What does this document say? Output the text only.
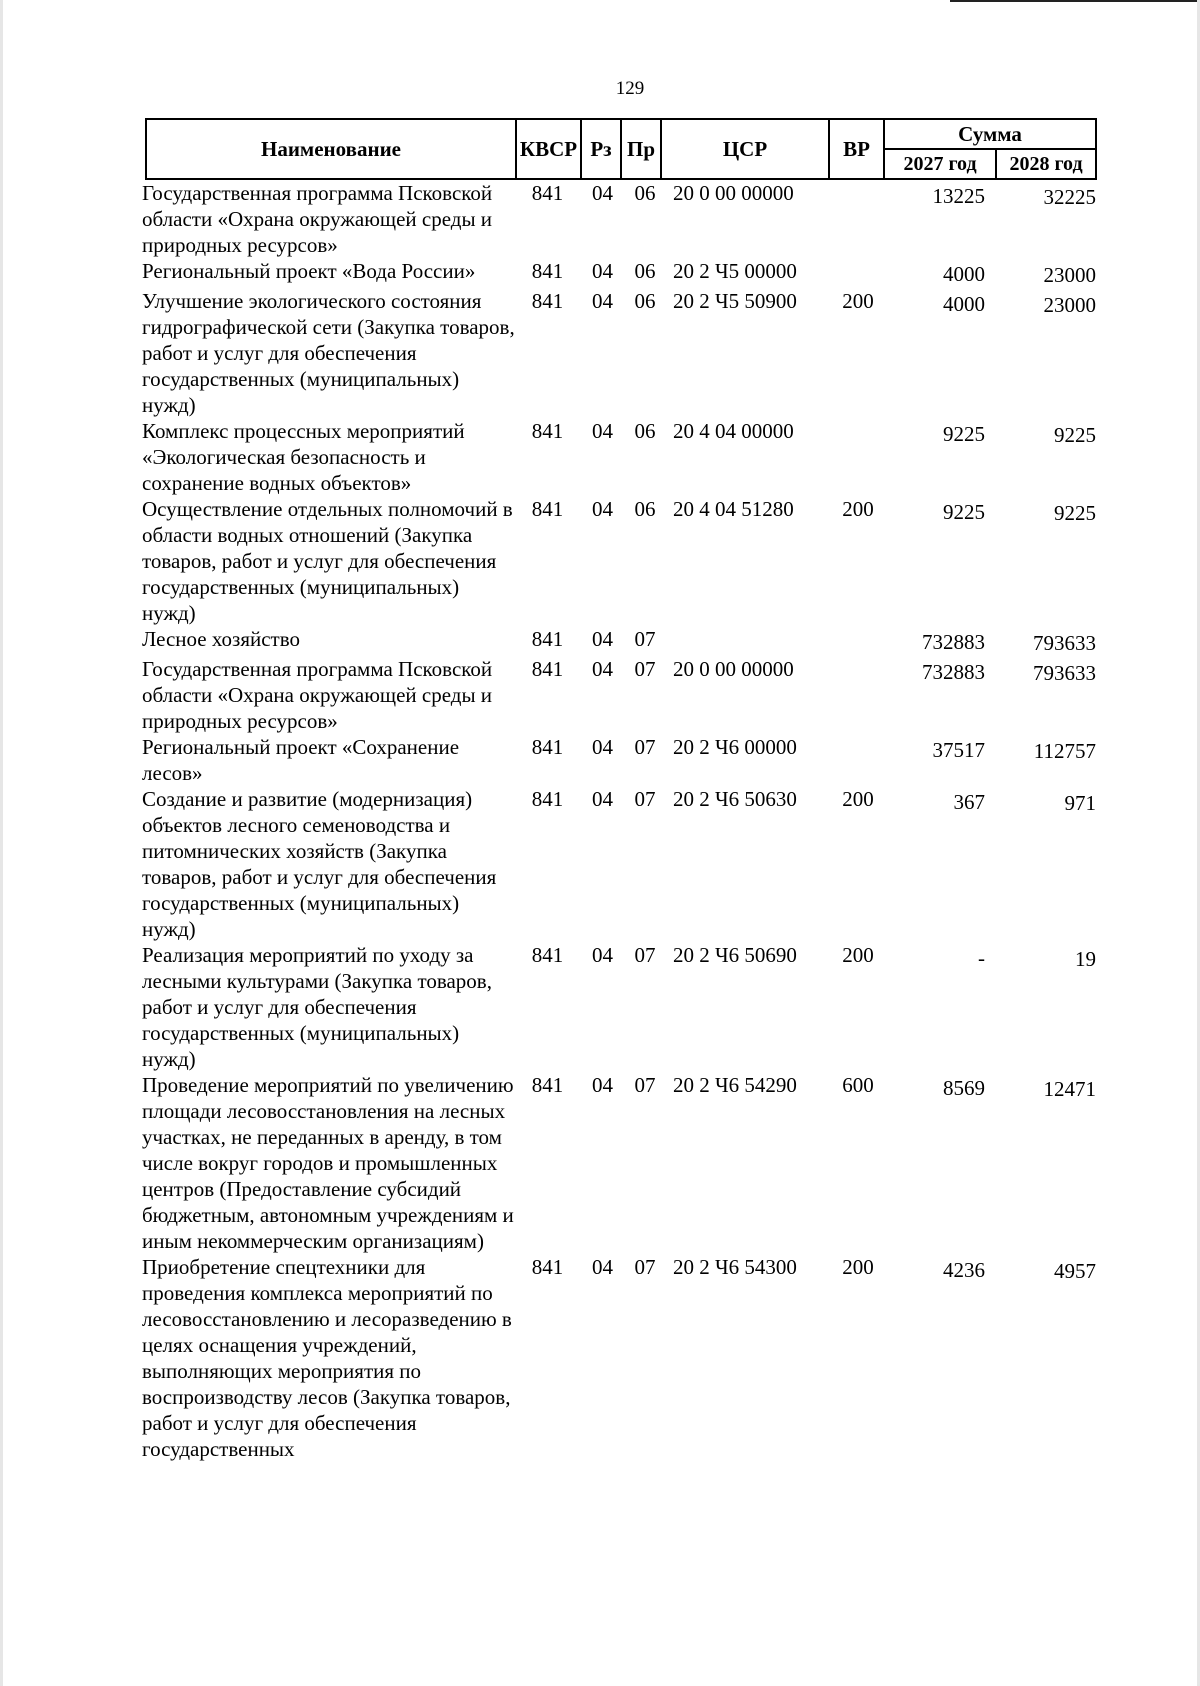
129
Наименование	КВСР	Рз	Пр	ЦСР	ВР	Сумма	
						2027 год	2028 год
Государственная программа Псковской области «Охрана окружающей среды и природных ресурсов»	841	04	06	20 0 00 00000		13225	32225
Региональный проект «Вода России»	841	04	06	20 2 Ч5 00000		4000	23000
Улучшение экологического состояния гидрографической сети (Закупка товаров, работ и услуг для обеспечения государственных (муниципальных) нужд)	841	04	06	20 2 Ч5 50900	200	4000	23000
Комплекс процессных мероприятий «Экологическая безопасность и сохранение водных объектов»	841	04	06	20 4 04 00000		9225	9225
Осуществление отдельных полномочий в области водных отношений (Закупка товаров, работ и услуг для обеспечения государственных (муниципальных) нужд)	841	04	06	20 4 04 51280	200	9225	9225
Лесное хозяйство	841	04	07			732883	793633
Государственная программа Псковской области «Охрана окружающей среды и природных ресурсов»	841	04	07	20 0 00 00000		732883	793633
Региональный проект «Сохранение лесов»	841	04	07	20 2 Ч6 00000		37517	112757
Создание и развитие (модернизация) объектов лесного семеноводства и питомнических хозяйств (Закупка товаров, работ и услуг для обеспечения государственных (муниципальных) нужд)	841	04	07	20 2 Ч6 50630	200	367	971
Реализация мероприятий по уходу за лесными культурами (Закупка товаров, работ и услуг для обеспечения государственных (муниципальных) нужд)	841	04	07	20 2 Ч6 50690	200	-	19
Проведение мероприятий по увеличению площади лесовосстановления на лесных участках, не переданных в аренду, в том числе вокруг городов и промышленных центров (Предоставление субсидий бюджетным, автономным учреждениям и иным некоммерческим организациям)	841	04	07	20 2 Ч6 54290	600	8569	12471
Приобретение спецтехники для проведения комплекса мероприятий по лесовосстановлению и лесоразведению в целях оснащения учреждений, выполняющих мероприятия по воспроизводству лесов (Закупка товаров, работ и услуг для обеспечения государственных	841	04	07	20 2 Ч6 54300	200	4236	4957
